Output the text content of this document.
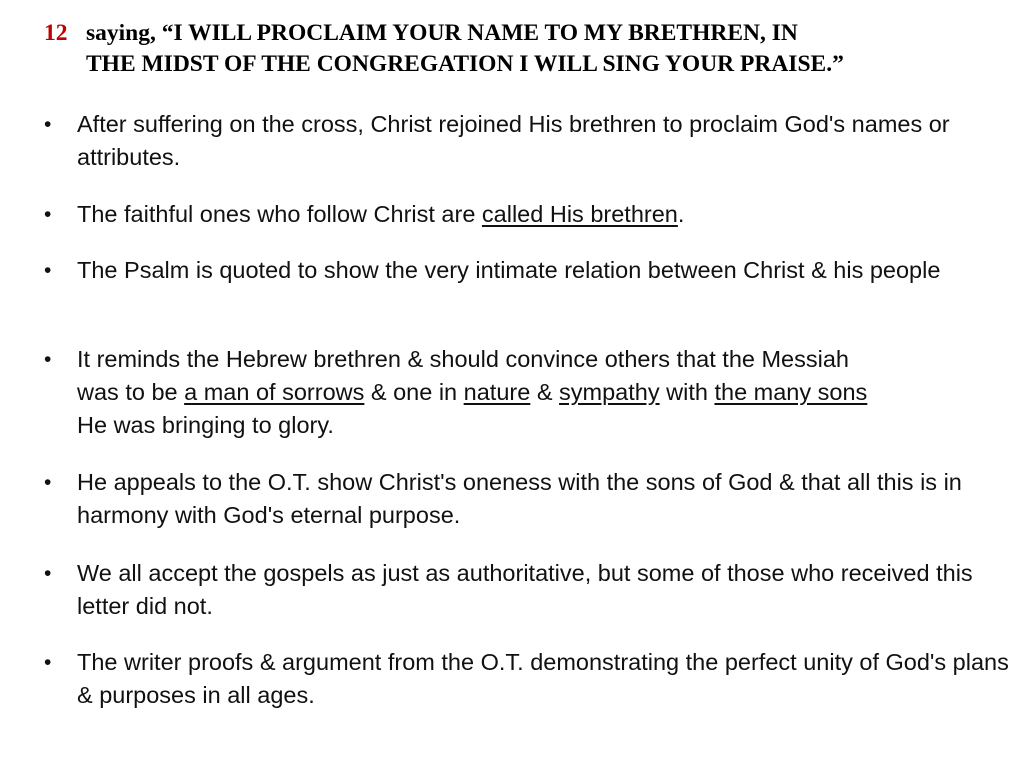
12 saying, “I WILL PROCLAIM YOUR NAME TO MY BRETHREN, IN
THE MIDST OF THE CONGREGATION I WILL SING YOUR PRAISE.”
•	After suffering on the cross, Christ rejoined His brethren to proclaim God's names or attributes.
•	The faithful ones who follow Christ are called His brethren.
•	The Psalm is quoted to show the very intimate relation between Christ & his people
•	It reminds the Hebrew brethren & should convince others that the Messiah
was to be a man of sorrows & one in nature & sympathy with the many sons
He was bringing to glory.
•	He appeals to the O.T. show Christ's oneness with the sons of God & that all this is in harmony with God's eternal purpose.
•	We all accept the gospels as just as authoritative, but some of those who received this letter did not.
•	The writer proofs & argument from the O.T. demonstrating the perfect unity of God's plans & purposes in all ages.
